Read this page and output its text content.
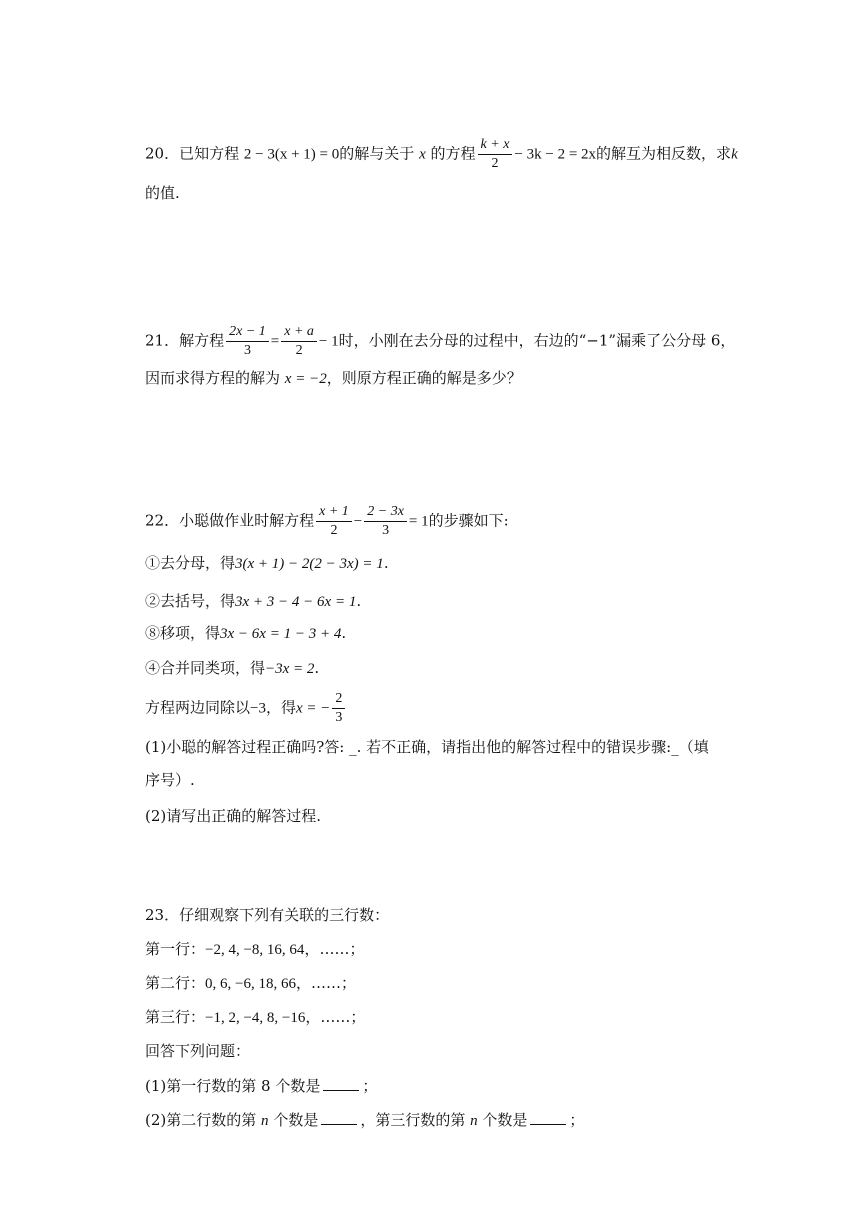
20．已知方程 2 − 3(x + 1) = 0的解与关于 x 的方程 $\frac{k + x}{2} - 3k - 2 = 2x$的解互为相反数，求k
的值.
21．解方程 $\frac{2x - 1}{3} = \frac{x + a}{2} - 1$时，小刚在去分母的过程中，右边的“−1”漏乘了公分母 6，
因而求得方程的解为 x = −2，则原方程正确的解是多少？
22．小聪做作业时解方程 $\frac{x + 1}{2} - \frac{2 - 3x}{3} = 1$的步骤如下:
①去分母，得3(x + 1) − 2(2 − 3x) = 1.
②去括号，得3x + 3 − 4 − 6x = 1.
⑧移项，得3x − 6x = 1 − 3 + 4.
④合并同类项，得−3x = 2.
方程两边同除以−3，得x = − $\frac{2}{3}$
(1)小聪的解答过程正确吗?答: _. 若不正确，请指出他的解答过程中的错误步骤:_（填
序号）.
(2)请写出正确的解答过程.
23．仔细观察下列有关联的三行数：
第一行：−2, 4, −8, 16, 64，……；
第二行：0, 6, −6, 18, 66，……；
第三行：−1, 2, −4, 8, −16，……；
回答下列问题：
(1)第一行数的第 8 个数是	；
(2)第二行数的第 n 个数是	，第三行数的第 n 个数是	；
